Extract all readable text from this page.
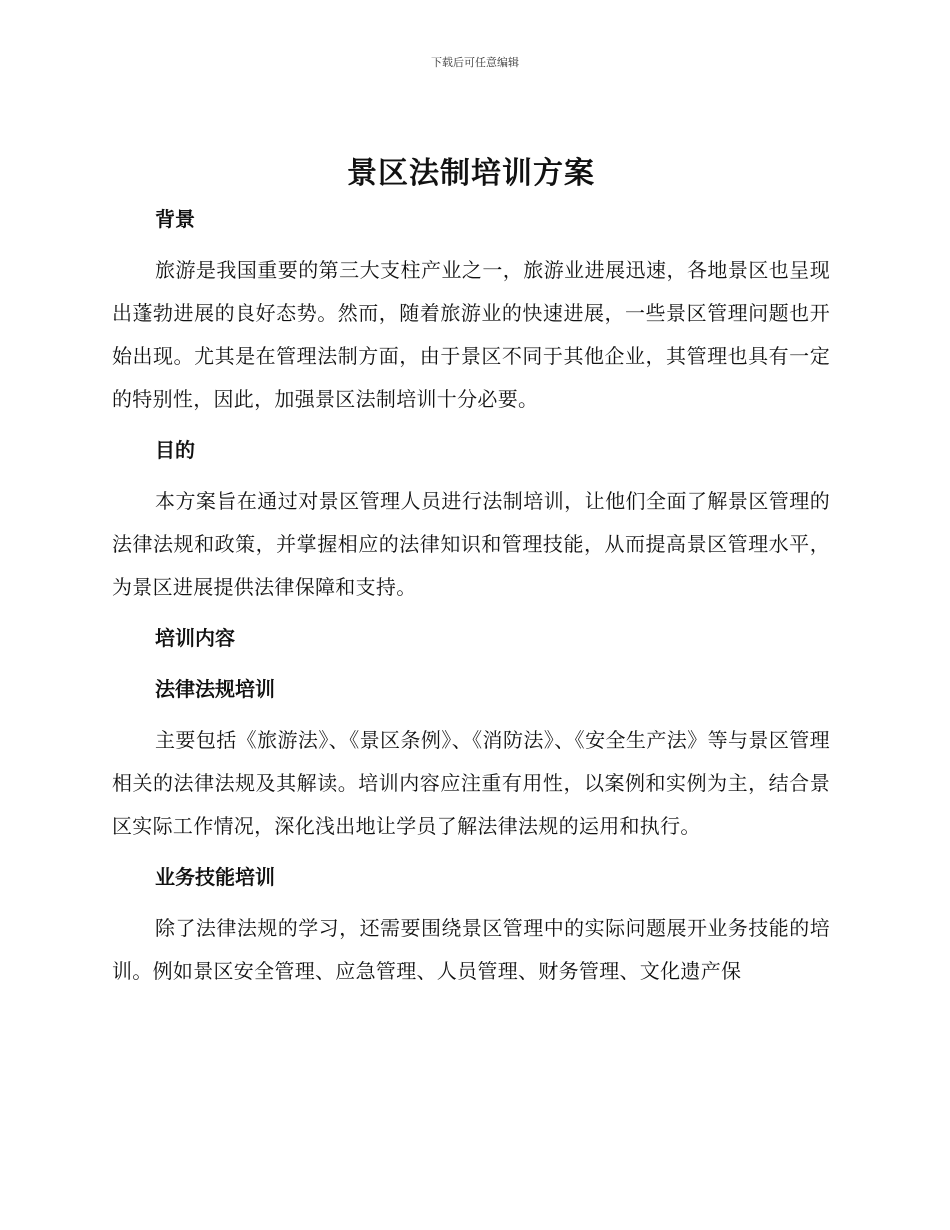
下载后可任意编辑
景区法制培训方案
背景

旅游是我国重要的第三大支柱产业之一，旅游业进展迅速，各地景区也呈现出蓬勃进展的良好态势。然而，随着旅游业的快速进展，一些景区管理问题也开始出现。尤其是在管理法制方面，由于景区不同于其他企业，其管理也具有一定的特别性，因此，加强景区法制培训十分必要。

目的

本方案旨在通过对景区管理人员进行法制培训，让他们全面了解景区管理的法律法规和政策，并掌握相应的法律知识和管理技能，从而提高景区管理水平，为景区进展提供法律保障和支持。

培训内容
法律法规培训

主要包括《旅游法》、《景区条例》、《消防法》、《安全生产法》等与景区管理相关的法律法规及其解读。培训内容应注重有用性，以案例和实例为主，结合景区实际工作情况，深化浅出地让学员了解法律法规的运用和执行。

业务技能培训

除了法律法规的学习，还需要围绕景区管理中的实际问题展开业务技能的培训。例如景区安全管理、应急管理、人员管理、财务管理、文化遗产保
